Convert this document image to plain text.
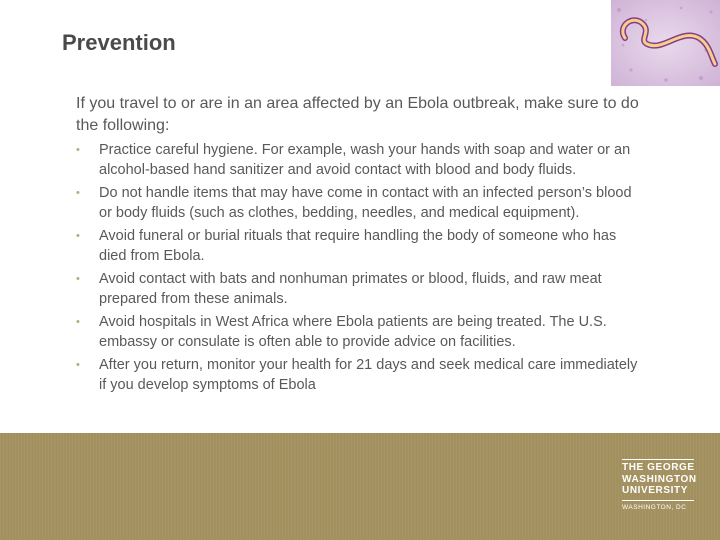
Prevention

If you travel to or are in an area affected by an Ebola outbreak, make sure to do the following:

• Practice careful hygiene. For example, wash your hands with soap and water or an alcohol-based hand sanitizer and avoid contact with blood and body fluids.
• Do not handle items that may have come in contact with an infected person’s blood or body fluids (such as clothes, bedding, needles, and medical equipment).
• Avoid funeral or burial rituals that require handling the body of someone who has died from Ebola.
• Avoid contact with bats and nonhuman primates or blood, fluids, and raw meat prepared from these animals.
• Avoid hospitals in West Africa where Ebola patients are being treated. The U.S. embassy or consulate is often able to provide advice on facilities.
• After you return, monitor your health for 21 days and seek medical care immediately if you develop symptoms of Ebola
THE GEORGE
WASHINGTON
UNIVERSITY
WASHINGTON, DC
